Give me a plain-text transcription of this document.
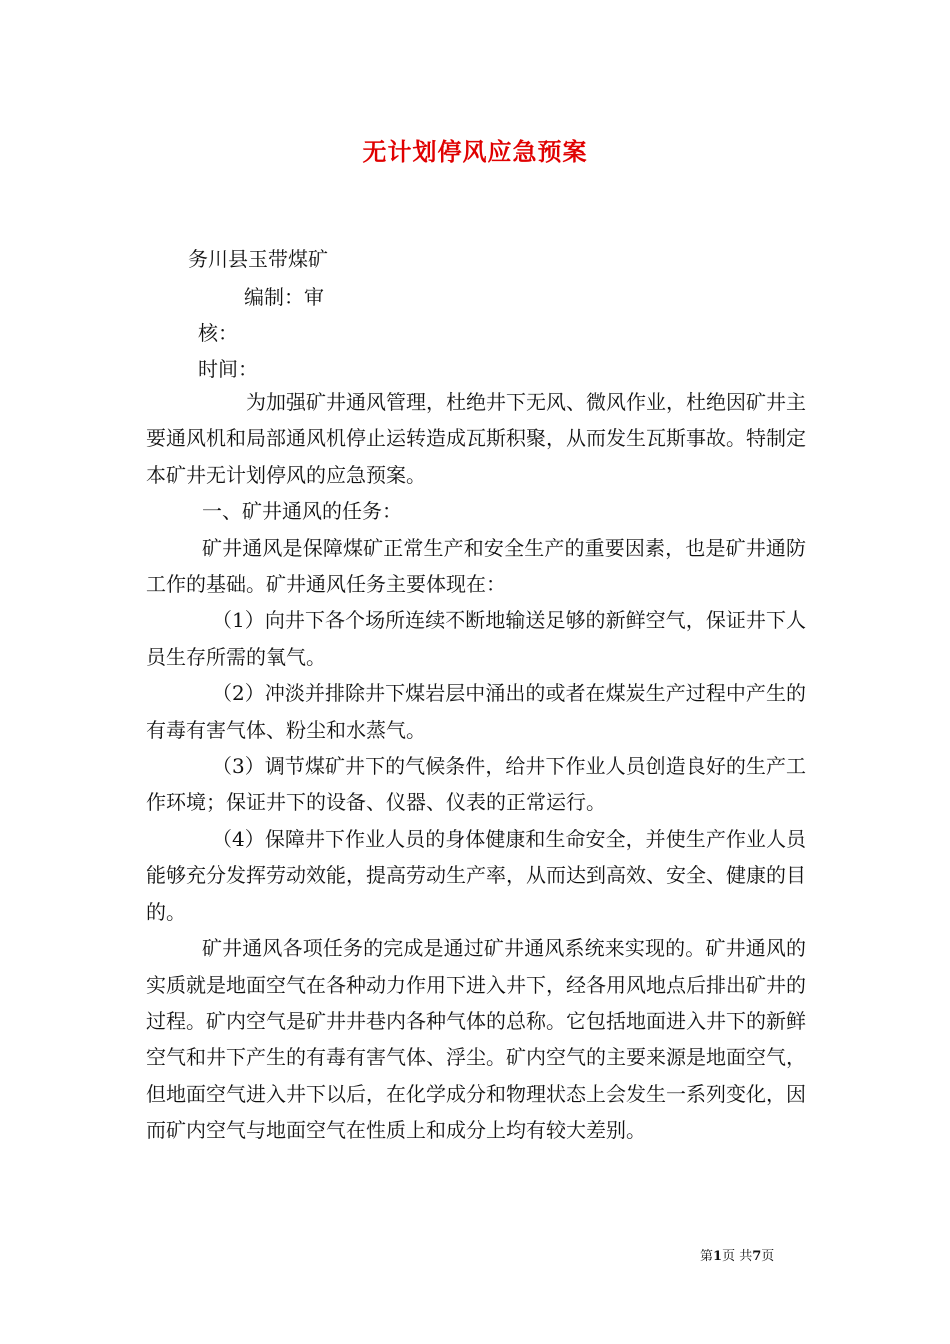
无计划停风应急预案
务川县玉带煤矿
编制：审
核：
时间：

为加强矿井通风管理，杜绝井下无风、微风作业，杜绝因矿井主要通风机和局部通风机停止运转造成瓦斯积聚，从而发生瓦斯事故。特制定本矿井无计划停风的应急预案。

一、矿井通风的任务：

矿井通风是保障煤矿正常生产和安全生产的重要因素，也是矿井通防工作的基础。矿井通风任务主要体现在：

（1）向井下各个场所连续不断地输送足够的新鲜空气，保证井下人员生存所需的氧气。

（2）冲淡并排除井下煤岩层中涌出的或者在煤炭生产过程中产生的有毒有害气体、粉尘和水蒸气。

（3）调节煤矿井下的气候条件，给井下作业人员创造良好的生产工作环境；保证井下的设备、仪器、仪表的正常运行。

（4）保障井下作业人员的身体健康和生命安全，并使生产作业人员能够充分发挥劳动效能，提高劳动生产率，从而达到高效、安全、健康的目的。

矿井通风各项任务的完成是通过矿井通风系统来实现的。矿井通风的实质就是地面空气在各种动力作用下进入井下，经各用风地点后排出矿井的过程。矿内空气是矿井井巷内各种气体的总称。它包括地面进入井下的新鲜空气和井下产生的有毒有害气体、浮尘。矿内空气的主要来源是地面空气，但地面空气进入井下以后，在化学成分和物理状态上会发生一系列变化，因而矿内空气与地面空气在性质上和成分上均有较大差别。

第1页 共7页
